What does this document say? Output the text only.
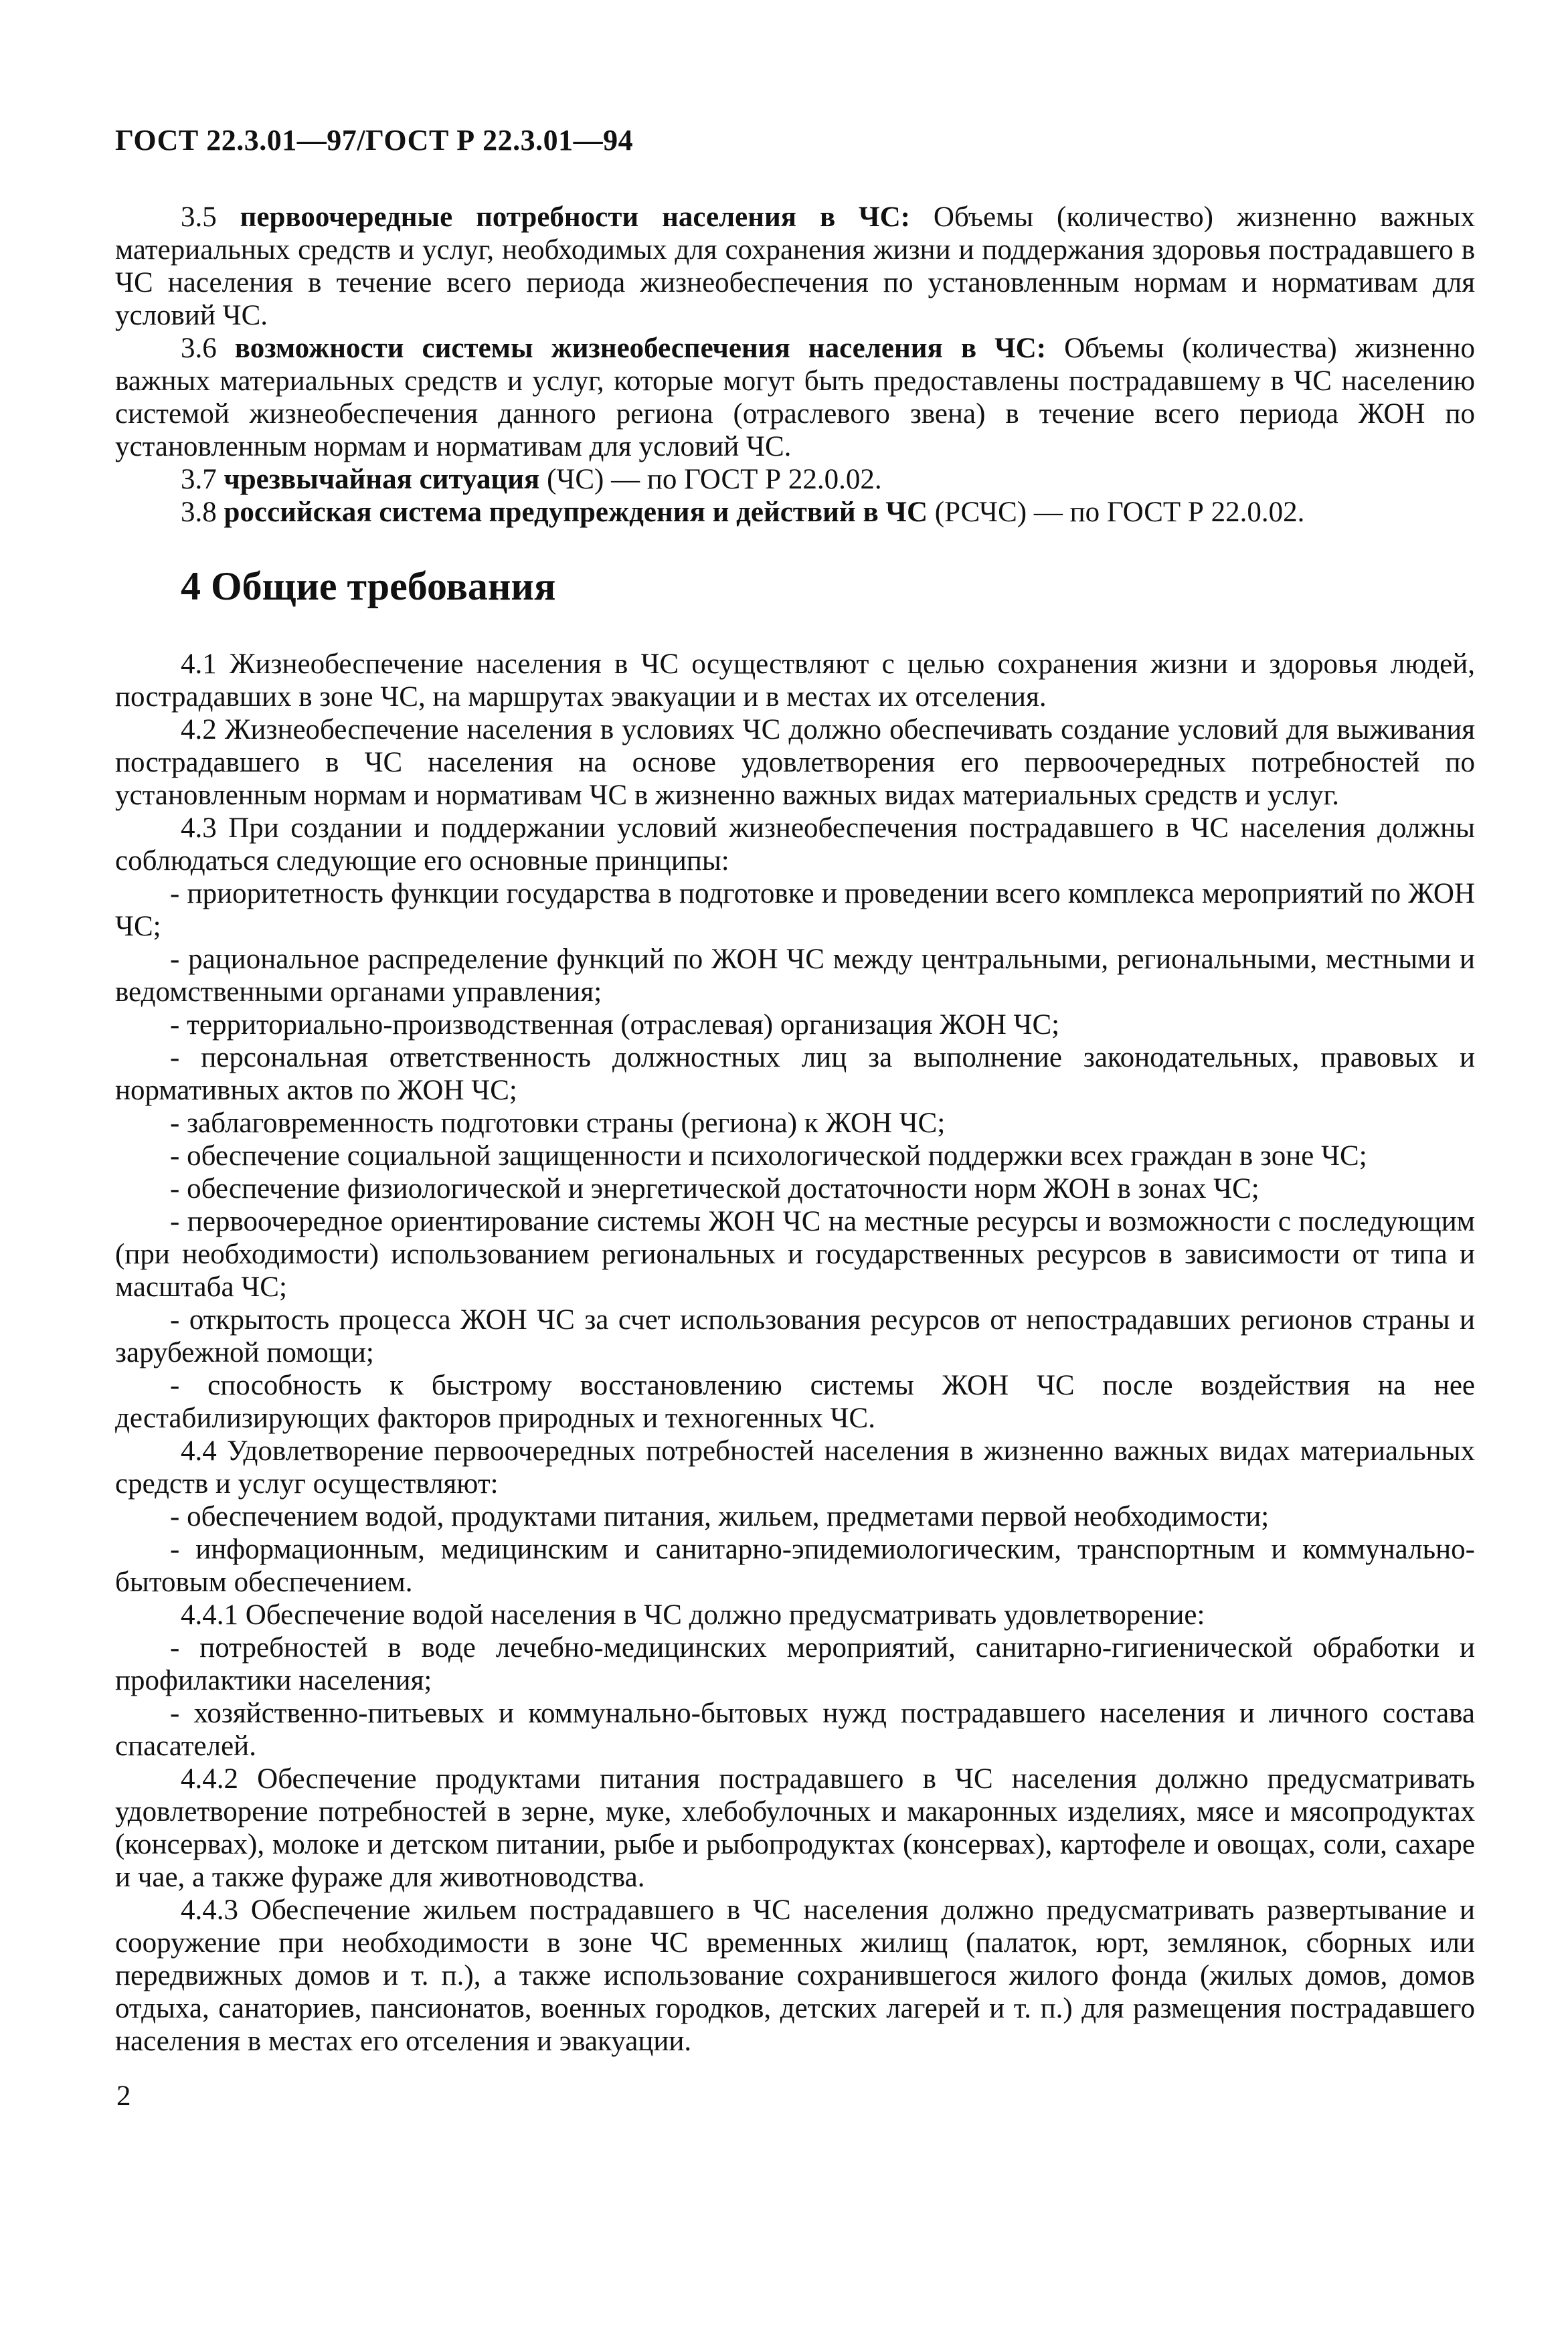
ГОСТ 22.3.01—97/ГОСТ Р 22.3.01—94

3.5 первоочередные потребности населения в ЧС: Объемы (количество) жизненно важных материальных средств и услуг, необходимых для сохранения жизни и поддержания здоровья пострадавшего в ЧС населения в течение всего периода жизнеобеспечения по установленным нормам и нормативам для условий ЧС.

3.6 возможности системы жизнеобеспечения населения в ЧС: Объемы (количества) жизненно важных материальных средств и услуг, которые могут быть предоставлены пострадавшему в ЧС населению системой жизнеобеспечения данного региона (отраслевого звена) в течение всего периода ЖОН по установленным нормам и нормативам для условий ЧС.

3.7 чрезвычайная ситуация (ЧС) — по ГОСТ Р 22.0.02.

3.8 российская система предупреждения и действий в ЧС (РСЧС) — по ГОСТ Р 22.0.02.

4 Общие требования

4.1 Жизнеобеспечение населения в ЧС осуществляют с целью сохранения жизни и здоровья людей, пострадавших в зоне ЧС, на маршрутах эвакуации и в местах их отселения.

4.2 Жизнеобеспечение населения в условиях ЧС должно обеспечивать создание условий для выживания пострадавшего в ЧС населения на основе удовлетворения его первоочередных потребностей по установленным нормам и нормативам ЧС в жизненно важных видах материальных средств и услуг.

4.3 При создании и поддержании условий жизнеобеспечения пострадавшего в ЧС населения должны соблюдаться следующие его основные принципы:

- приоритетность функции государства в подготовке и проведении всего комплекса мероприятий по ЖОН ЧС;

- рациональное распределение функций по ЖОН ЧС между центральными, региональными, местными и ведомственными органами управления;

- территориально-производственная (отраслевая) организация ЖОН ЧС;

- персональная ответственность должностных лиц за выполнение законодательных, правовых и нормативных актов по ЖОН ЧС;

- заблаговременность подготовки страны (региона) к ЖОН ЧС;

- обеспечение социальной защищенности и психологической поддержки всех граждан в зоне ЧС;

- обеспечение физиологической и энергетической достаточности норм ЖОН в зонах ЧС;

- первоочередное ориентирование системы ЖОН ЧС на местные ресурсы и возможности с последующим (при необходимости) использованием региональных и государственных ресурсов в зависимости от типа и масштаба ЧС;

- открытость процесса ЖОН ЧС за счет использования ресурсов от непострадавших регионов страны и зарубежной помощи;

- способность к быстрому восстановлению системы ЖОН ЧС после воздействия на нее дестабилизирующих факторов природных и техногенных ЧС.

4.4 Удовлетворение первоочередных потребностей населения в жизненно важных видах материальных средств и услуг осуществляют:

- обеспечением водой, продуктами питания, жильем, предметами первой необходимости;

- информационным, медицинским и санитарно-эпидемиологическим, транспортным и коммунально-бытовым обеспечением.

4.4.1 Обеспечение водой населения в ЧС должно предусматривать удовлетворение:

- потребностей в воде лечебно-медицинских мероприятий, санитарно-гигиенической обработки и профилактики населения;

- хозяйственно-питьевых и коммунально-бытовых нужд пострадавшего населения и личного состава спасателей.

4.4.2 Обеспечение продуктами питания пострадавшего в ЧС населения должно предусматривать удовлетворение потребностей в зерне, муке, хлебобулочных и макаронных изделиях, мясе и мясопродуктах (консервах), молоке и детском питании, рыбе и рыбопродуктах (консервах), картофеле и овощах, соли, сахаре и чае, а также фураже для животноводства.

4.4.3 Обеспечение жильем пострадавшего в ЧС населения должно предусматривать развертывание и сооружение при необходимости в зоне ЧС временных жилищ (палаток, юрт, землянок, сборных или передвижных домов и т. п.), а также использование сохранившегося жилого фонда (жилых домов, домов отдыха, санаториев, пансионатов, военных городков, детских лагерей и т. п.) для размещения пострадавшего населения в местах его отселения и эвакуации.

2
